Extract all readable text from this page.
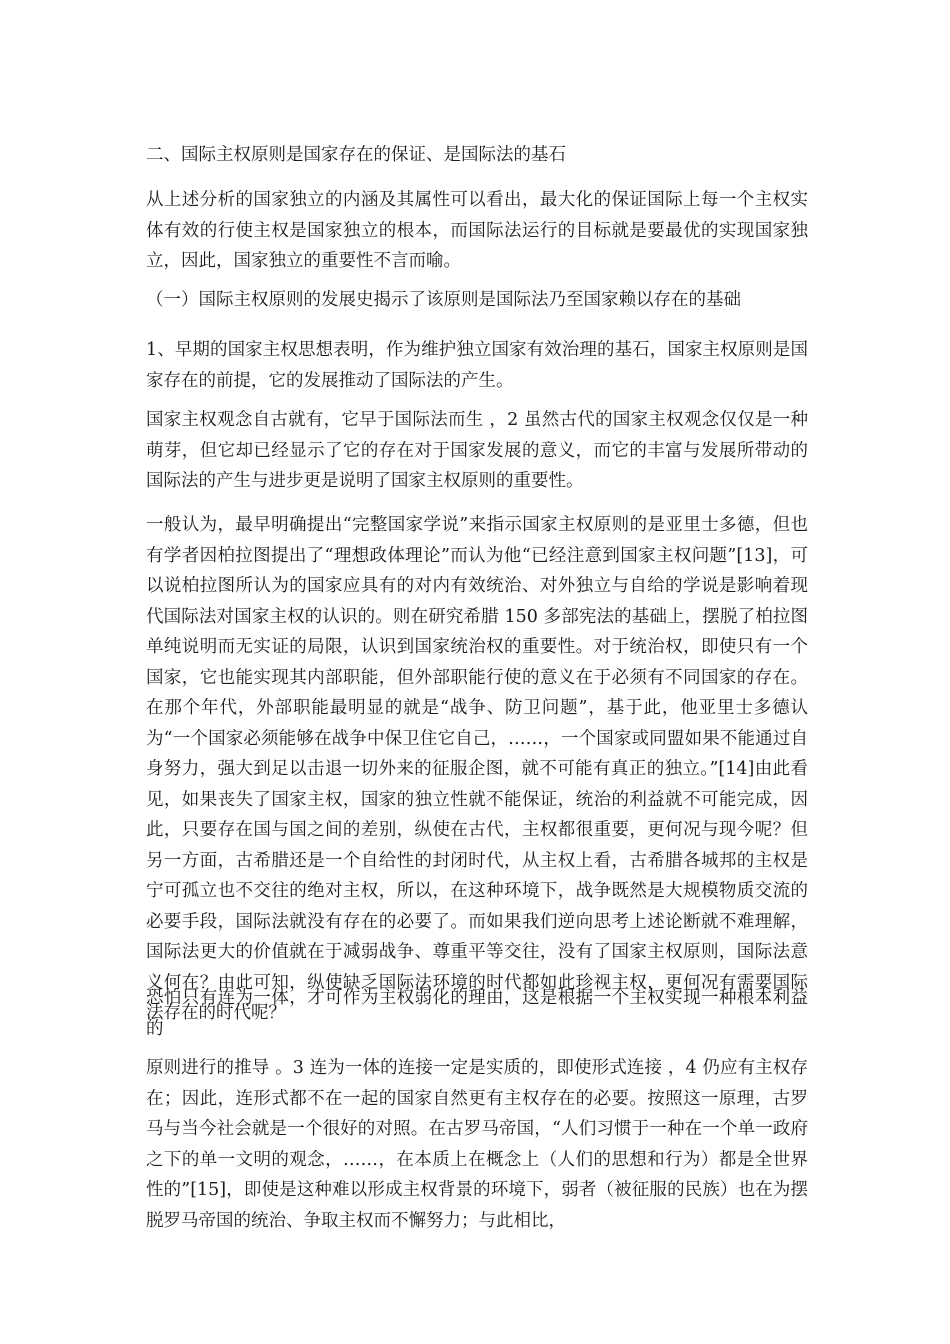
二、国际主权原则是国家存在的保证、是国际法的基石

从上述分析的国家独立的内涵及其属性可以看出，最大化的保证国际上每一个主权实体有效的行使主权是国家独立的根本，而国际法运行的目标就是要最优的实现国家独立，因此，国家独立的重要性不言而喻。

（一）国际主权原则的发展史揭示了该原则是国际法乃至国家赖以存在的基础

1、早期的国家主权思想表明，作为维护独立国家有效治理的基石，国家主权原则是国家存在的前提，它的发展推动了国际法的产生。

国家主权观念自古就有，它早于国际法而生 ，2 虽然古代的国家主权观念仅仅是一种萌芽，但它却已经显示了它的存在对于国家发展的意义，而它的丰富与发展所带动的国际法的产生与进步更是说明了国家主权原则的重要性。

一般认为，最早明确提出“完整国家学说”来指示国家主权原则的是亚里士多德，但也有学者因柏拉图提出了“理想政体理论”而认为他“已经注意到国家主权问题”[13]，可以说柏拉图所认为的国家应具有的对内有效统治、对外独立与自给的学说是影响着现代国际法对国家主权的认识的。则在研究希腊 150 多部宪法的基础上，摆脱了柏拉图单纯说明而无实证的局限，认识到国家统治权的重要性。对于统治权，即使只有一个国家，它也能实现其内部职能，但外部职能行使的意义在于必须有不同国家的存在。在那个年代，外部职能最明显的就是“战争、防卫问题”，基于此，他亚里士多德认为“一个国家必须能够在战争中保卫住它自己，……，一个国家或同盟如果不能通过自身努力，强大到足以击退一切外来的征服企图，就不可能有真正的独立。”[14]由此看见，如果丧失了国家主权，国家的独立性就不能保证，统治的利益就不可能完成，因此，只要存在国与国之间的差别，纵使在古代，主权都很重要，更何况与现今呢？但另一方面，古希腊还是一个自给性的封闭时代，从主权上看，古希腊各城邦的主权是宁可孤立也不交往的绝对主权，所以，在这种环境下，战争既然是大规模物质交流的必要手段，国际法就没有存在的必要了。而如果我们逆向思考上述论断就不难理解，国际法更大的价值就在于减弱战争、尊重平等交往，没有了国家主权原则，国际法意义何在？由此可知，纵使缺乏国际法环境的时代都如此珍视主权，更何况有需要国际法存在的时代呢？

恐怕只有连为一体，才可作为主权弱化的理由，这是根据一个主权实现一种根本利益的

原则进行的推导 。3 连为一体的连接一定是实质的，即使形式连接 ，4 仍应有主权存在；因此，连形式都不在一起的国家自然更有主权存在的必要。按照这一原理，古罗马与当今社会就是一个很好的对照。在古罗马帝国，“人们习惯于一种在一个单一政府之下的单一文明的观念，……，在本质上在概念上（人们的思想和行为）都是全世界性的”[15]，即使是这种难以形成主权背景的环境下，弱者（被征服的民族）也在为摆脱罗马帝国的统治、争取主权而不懈努力；与此相比，
